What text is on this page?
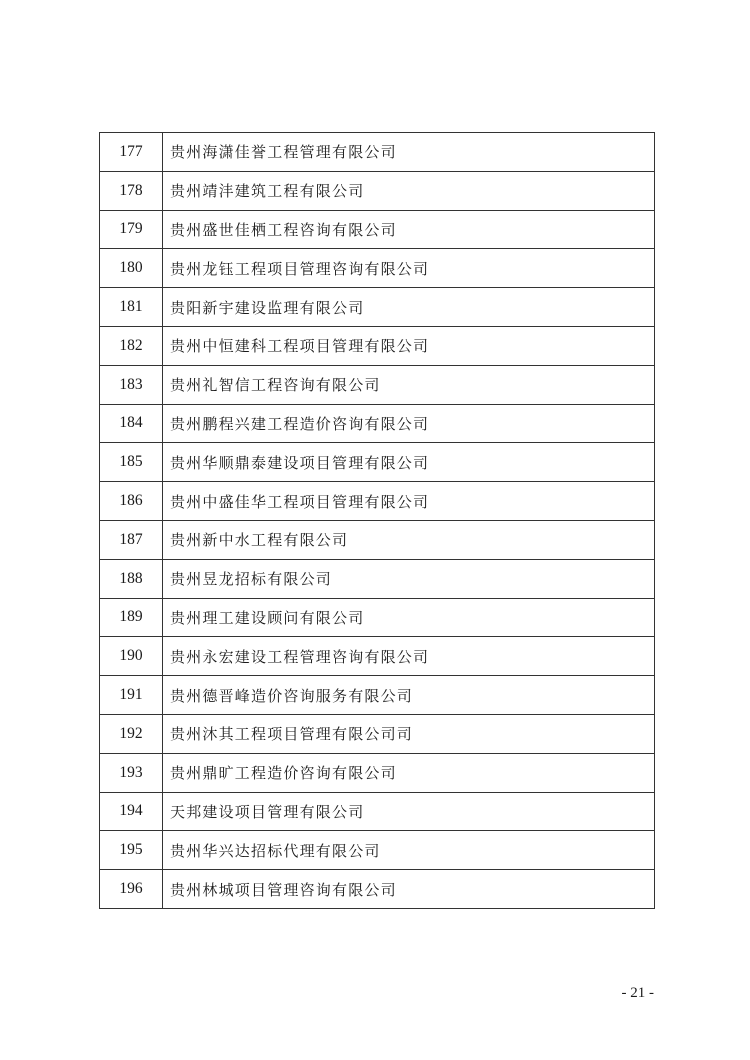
177	贵州海潇佳誉工程管理有限公司
178	贵州靖沣建筑工程有限公司
179	贵州盛世佳栖工程咨询有限公司
180	贵州龙钰工程项目管理咨询有限公司
181	贵阳新宇建设监理有限公司
182	贵州中恒建科工程项目管理有限公司
183	贵州礼智信工程咨询有限公司
184	贵州鹏程兴建工程造价咨询有限公司
185	贵州华顺鼎泰建设项目管理有限公司
186	贵州中盛佳华工程项目管理有限公司
187	贵州新中水工程有限公司
188	贵州昱龙招标有限公司
189	贵州理工建设顾问有限公司
190	贵州永宏建设工程管理咨询有限公司
191	贵州德晋峰造价咨询服务有限公司
192	贵州沐其工程项目管理有限公司司
193	贵州鼎旷工程造价咨询有限公司
194	天邦建设项目管理有限公司
195	贵州华兴达招标代理有限公司
196	贵州林城项目管理咨询有限公司
- 21 -
